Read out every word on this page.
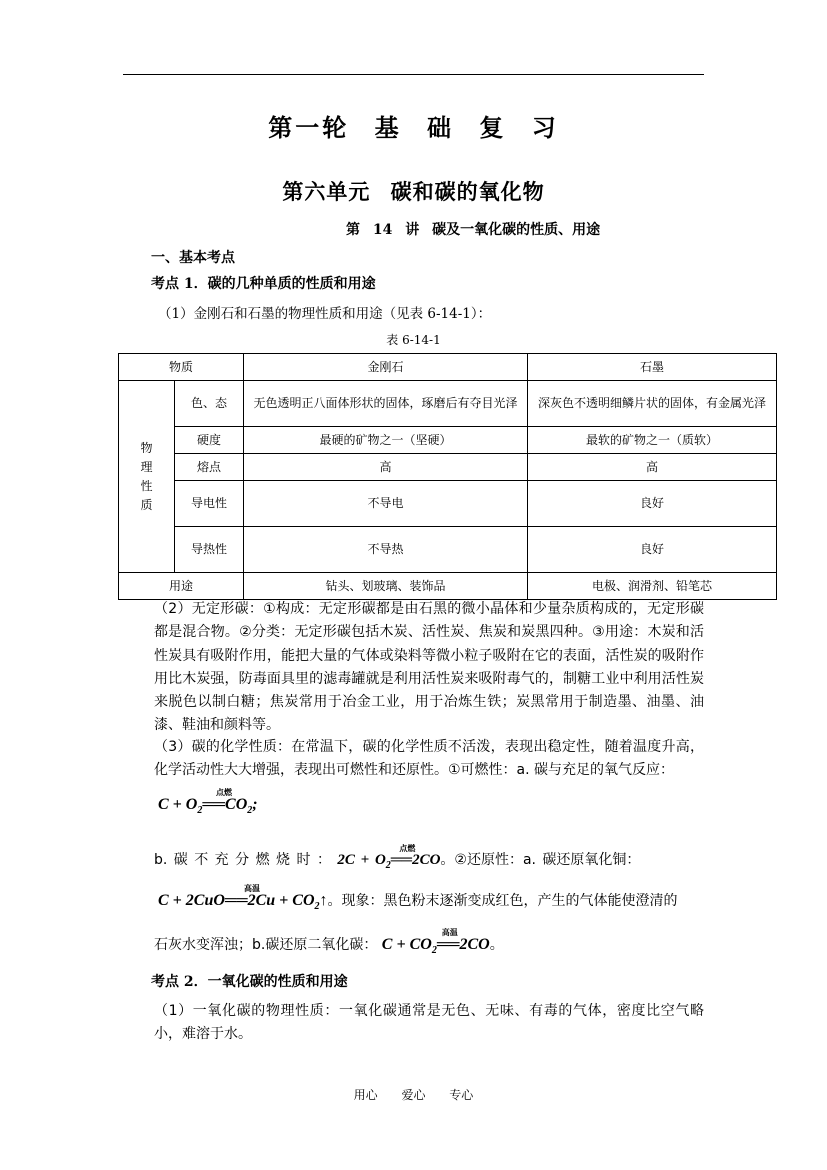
第一轮 基 础 复 习
第六单元 碳和碳的氧化物
第 14 讲 碳及一氧化碳的性质、用途
一、基本考点
考点 1．碳的几种单质的性质和用途
（1）金刚石和石墨的物理性质和用途（见表 6-14-1）：
表 6-14-1
物质		金刚石	石墨
物
理
性
质	色、态	无色透明正八面体形状的固体，琢磨后有夺目光泽	深灰色不透明细鳞片状的固体，有金属光泽
	硬度	最硬的矿物之一（坚硬）	最软的矿物之一（质软）
	熔点	高	高
	导电性	不导电	良好
	导热性	不导热	良好
用途		钻头、划玻璃、装饰品	电极、润滑剂、铅笔芯
（2）无定形碳：①构成：无定形碳都是由石黑的微小晶体和少量杂质构成的，无定形碳都是混合物。②分类：无定形碳包括木炭、活性炭、焦炭和炭黑四种。③用途：木炭和活性炭具有吸附作用，能把大量的气体或染料等微小粒子吸附在它的表面，活性炭的吸附作用比木炭强，防毒面具里的滤毒罐就是利用活性炭来吸附毒气的，制糖工业中利用活性炭来脱色以制白糖；焦炭常用于冶金工业，用于冶炼生铁；炭黑常用于制造墨、油墨、油漆、鞋油和颜料等。
（3）碳的化学性质：在常温下，碳的化学性质不活泼，表现出稳定性，随着温度升高，化学活动性大大增强，表现出可燃性和还原性。①可燃性：a. 碳与充足的氧气反应：
点燃
$C + O_2══CO_2$;
b. 碳 不 充 分 燃 烧 时 ：
点燃
$2C + O_2══2CO$。②还原性：a. 碳还原氧化铜：
高温
C + 2CuO══2Cu + $CO_2↑$。现象：黑色粉末逐渐变成红色，产生的气体能使澄清的
石灰水变浑浊；b.碳还原二氧化碳：
高温
$C + CO_2══2CO$。
考点 2．一氧化碳的性质和用途
（1）一氧化碳的物理性质：一氧化碳通常是无色、无味、有毒的气体，密度比空气略小，难溶于水。
用心 爱心 专心
